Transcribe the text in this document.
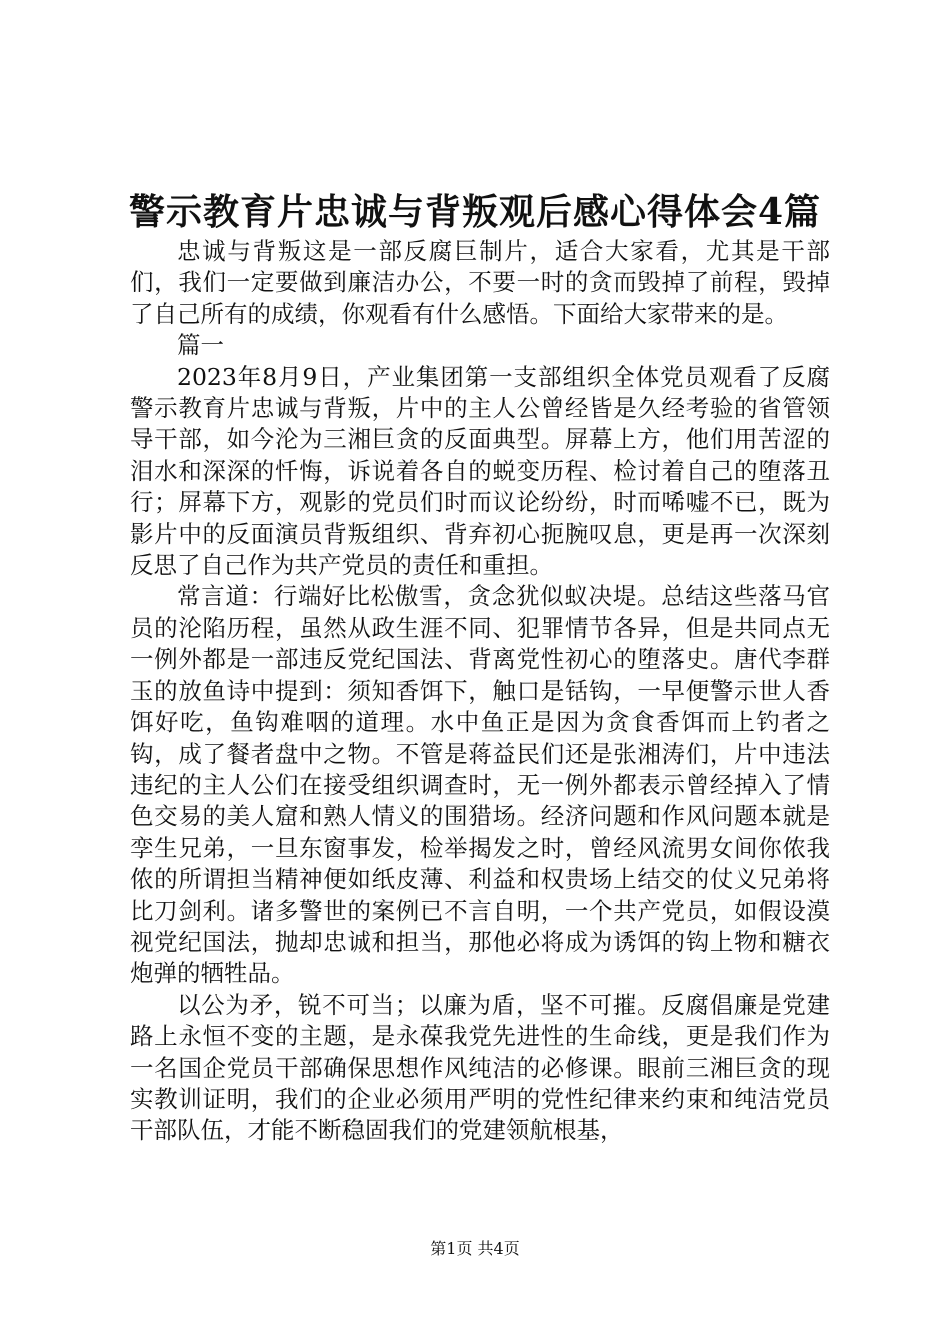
警示教育片忠诚与背叛观后感心得体会4篇

忠诚与背叛这是一部反腐巨制片，适合大家看，尤其是干部们，我们一定要做到廉洁办公，不要一时的贪而毁掉了前程，毁掉了自己所有的成绩，你观看有什么感悟。下面给大家带来的是。

篇一

2023年8月9日，产业集团第一支部组织全体党员观看了反腐警示教育片忠诚与背叛，片中的主人公曾经皆是久经考验的省管领导干部，如今沦为三湘巨贪的反面典型。屏幕上方，他们用苦涩的泪水和深深的忏悔，诉说着各自的蜕变历程、检讨着自己的堕落丑行；屏幕下方，观影的党员们时而议论纷纷，时而唏嘘不已，既为影片中的反面演员背叛组织、背弃初心扼腕叹息，更是再一次深刻反思了自己作为共产党员的责任和重担。

常言道：行端好比松傲雪，贪念犹似蚁决堤。总结这些落马官员的沦陷历程，虽然从政生涯不同、犯罪情节各异，但是共同点无一例外都是一部违反党纪国法、背离党性初心的堕落史。唐代李群玉的放鱼诗中提到：须知香饵下，触口是铦钩，一早便警示世人香饵好吃，鱼钩难咽的道理。水中鱼正是因为贪食香饵而上钓者之钩，成了餐者盘中之物。不管是蒋益民们还是张湘涛们，片中违法违纪的主人公们在接受组织调查时，无一例外都表示曾经掉入了情色交易的美人窟和熟人情义的围猎场。经济问题和作风问题本就是孪生兄弟，一旦东窗事发，检举揭发之时，曾经风流男女间你侬我侬的所谓担当精神便如纸皮薄、利益和权贵场上结交的仗义兄弟将比刀剑利。诸多警世的案例已不言自明，一个共产党员，如假设漠视党纪国法，抛却忠诚和担当，那他必将成为诱饵的钩上物和糖衣炮弹的牺牲品。

以公为矛，锐不可当；以廉为盾，坚不可摧。反腐倡廉是党建路上永恒不变的主题，是永葆我党先进性的生命线，更是我们作为一名国企党员干部确保思想作风纯洁的必修课。眼前三湘巨贪的现实教训证明，我们的企业必须用严明的党性纪律来约束和纯洁党员干部队伍，才能不断稳固我们的党建领航根基，

第1页 共4页
